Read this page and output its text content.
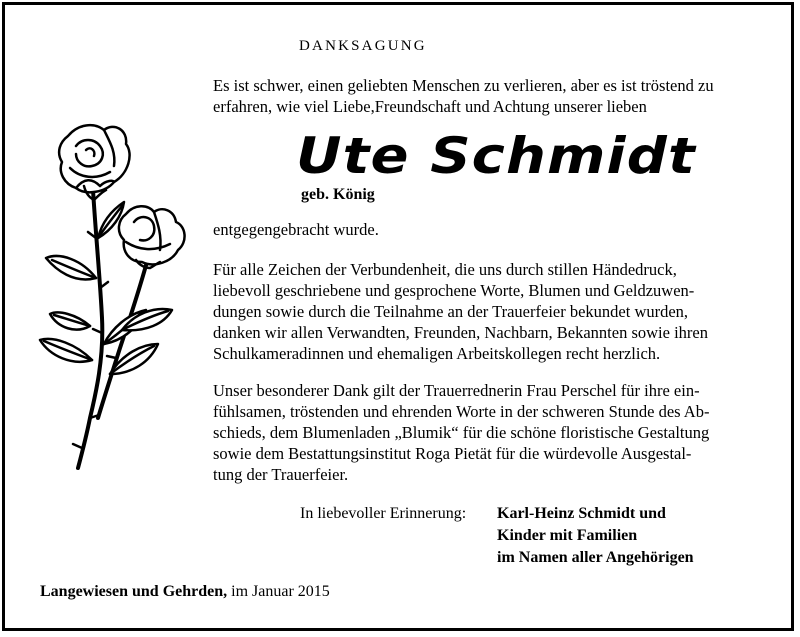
DANKSAGUNG
Es ist schwer, einen geliebten Menschen zu verlieren, aber es ist tröstend zu
erfahren, wie viel Liebe,Freundschaft und Achtung unserer lieben
Ute Schmidt
geb. König
entgegengebracht wurde.
Für alle Zeichen der Verbundenheit, die uns durch stillen Händedruck,
liebevoll geschriebene und gesprochene Worte, Blumen und Geldzuwen-
dungen sowie durch die Teilnahme an der Trauerfeier bekundet wurden,
danken wir allen Verwandten, Freunden, Nachbarn, Bekannten sowie ihren
Schulkameradinnen und ehemaligen Arbeitskollegen recht herzlich.
Unser besonderer Dank gilt der Trauerrednerin Frau Perschel für ihre ein-
fühlsamen, tröstenden und ehrenden Worte in der schweren Stunde des Ab-
schieds, dem Blumenladen „Blumik“ für die schöne floristische Gestaltung
sowie dem Bestattungsinstitut Roga Pietät für die würdevolle Ausgestal-
tung der Trauerfeier.
In liebevoller Erinnerung: Karl-Heinz Schmidt und
Kinder mit Familien
im Namen aller Angehörigen
Langewiesen und Gehrden, im Januar 2015
